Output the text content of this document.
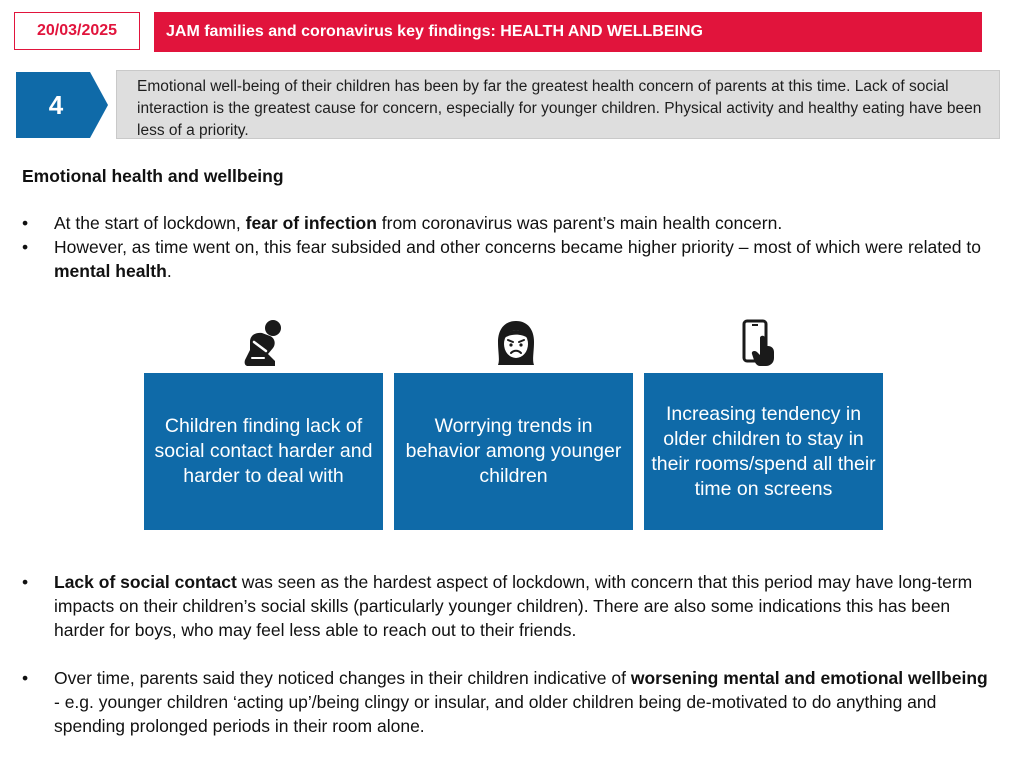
20/03/2025	JAM families and coronavirus key findings: HEALTH AND WELLBEING
4
Emotional well-being of their children has been by far the greatest health concern of parents at this time. Lack of social interaction is the greatest cause for concern, especially for younger children. Physical activity and healthy eating have been less of a priority.
Emotional health and wellbeing
• At the start of lockdown, fear of infection from coronavirus was parent’s main health concern.
• However, as time went on, this fear subsided and other concerns became higher priority – most of which were related to mental health.
Children finding lack of social contact harder and harder to deal with
Worrying trends in behavior among younger children
Increasing tendency in older children to stay in their rooms/spend all their time on screens
• Lack of social contact was seen as the hardest aspect of lockdown, with concern that this period may have long-term impacts on their children’s social skills (particularly younger children). There are also some indications this has been harder for boys, who may feel less able to reach out to their friends.
• Over time, parents said they noticed changes in their children indicative of worsening mental and emotional wellbeing - e.g. younger children ‘acting up’/being clingy or insular, and older children being de-motivated to do anything and spending prolonged periods in their room alone.
